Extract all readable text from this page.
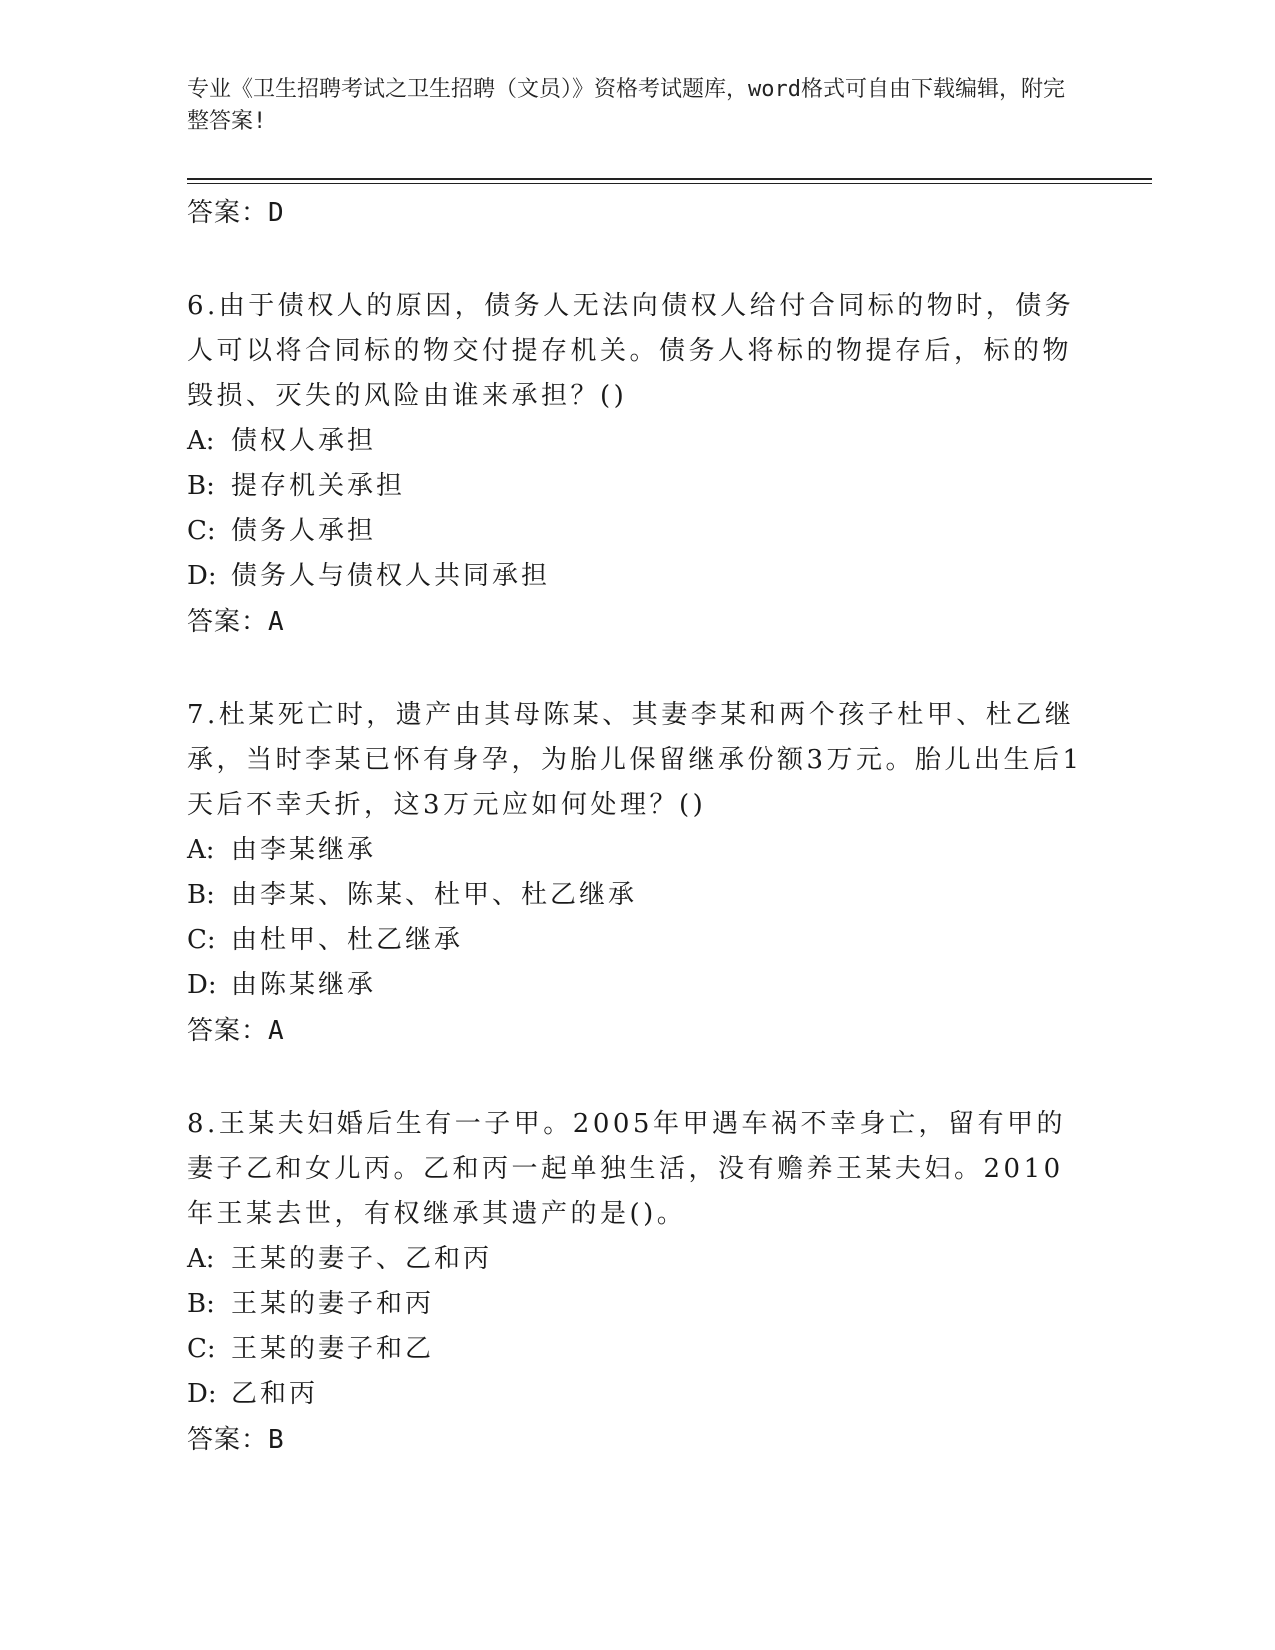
专业《卫生招聘考试之卫生招聘（文员）》资格考试题库，word格式可自由下载编辑，附完整答案!
答案：D

6.由于债权人的原因，债务人无法向债权人给付合同标的物时，债务人可以将合同标的物交付提存机关。债务人将标的物提存后，标的物毁损、灭失的风险由谁来承担？()

A: 债权人承担
B: 提存机关承担
C: 债务人承担
D: 债务人与债权人共同承担
答案：A

7.杜某死亡时，遗产由其母陈某、其妻李某和两个孩子杜甲、杜乙继承，当时李某已怀有身孕，为胎儿保留继承份额3万元。胎儿出生后1天后不幸夭折，这3万元应如何处理？()

A: 由李某继承
B: 由李某、陈某、杜甲、杜乙继承
C: 由杜甲、杜乙继承
D: 由陈某继承
答案：A

8.王某夫妇婚后生有一子甲。2005年甲遇车祸不幸身亡，留有甲的妻子乙和女儿丙。乙和丙一起单独生活，没有赡养王某夫妇。2010年王某去世，有权继承其遗产的是()。

A: 王某的妻子、乙和丙
B: 王某的妻子和丙
C: 王某的妻子和乙
D: 乙和丙
答案：B
